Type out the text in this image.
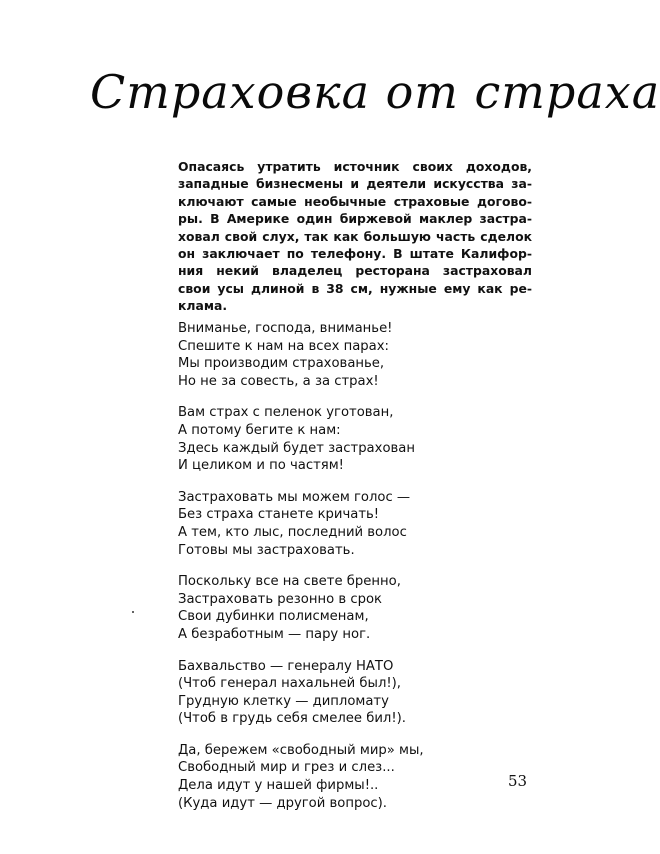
Страховка от страха
Опасаясь утратить источник своих доходов,
западные бизнесмены и деятели искусства за-
ключают самые необычные страховые догово-
ры. В Америке один биржевой маклер застра-
ховал свой слух, так как большую часть сделок
он заключает по телефону. В штате Калифор-
ния некий владелец ресторана застраховал
свои усы длиной в 38 см, нужные ему как ре-
клама.
Вниманье, господа, вниманье!
Спешите к нам на всех парах:
Мы производим страхованье,
Но не за совесть, а за страх!
Вам страх с пеленок уготован,
А потому бегите к нам:
Здесь каждый будет застрахован
И целиком и по частям!
Застраховать мы можем голос —
Без страха станете кричать!
А тем, кто лыс, последний волос
Готовы мы застраховать.
Поскольку все на свете бренно,
Застраховать резонно в срок
Свои дубинки полисменам,
А безработным — пару ног.
Бахвальство — генералу НАТО
(Чтоб генерал нахальней был!),
Грудную клетку — дипломату
(Чтоб в грудь себя смелее бил!).
Да, бережем «свободный мир» мы,
Свободный мир и грез и слез...
Дела идут у нашей фирмы!..
(Куда идут — другой вопрос).
53
